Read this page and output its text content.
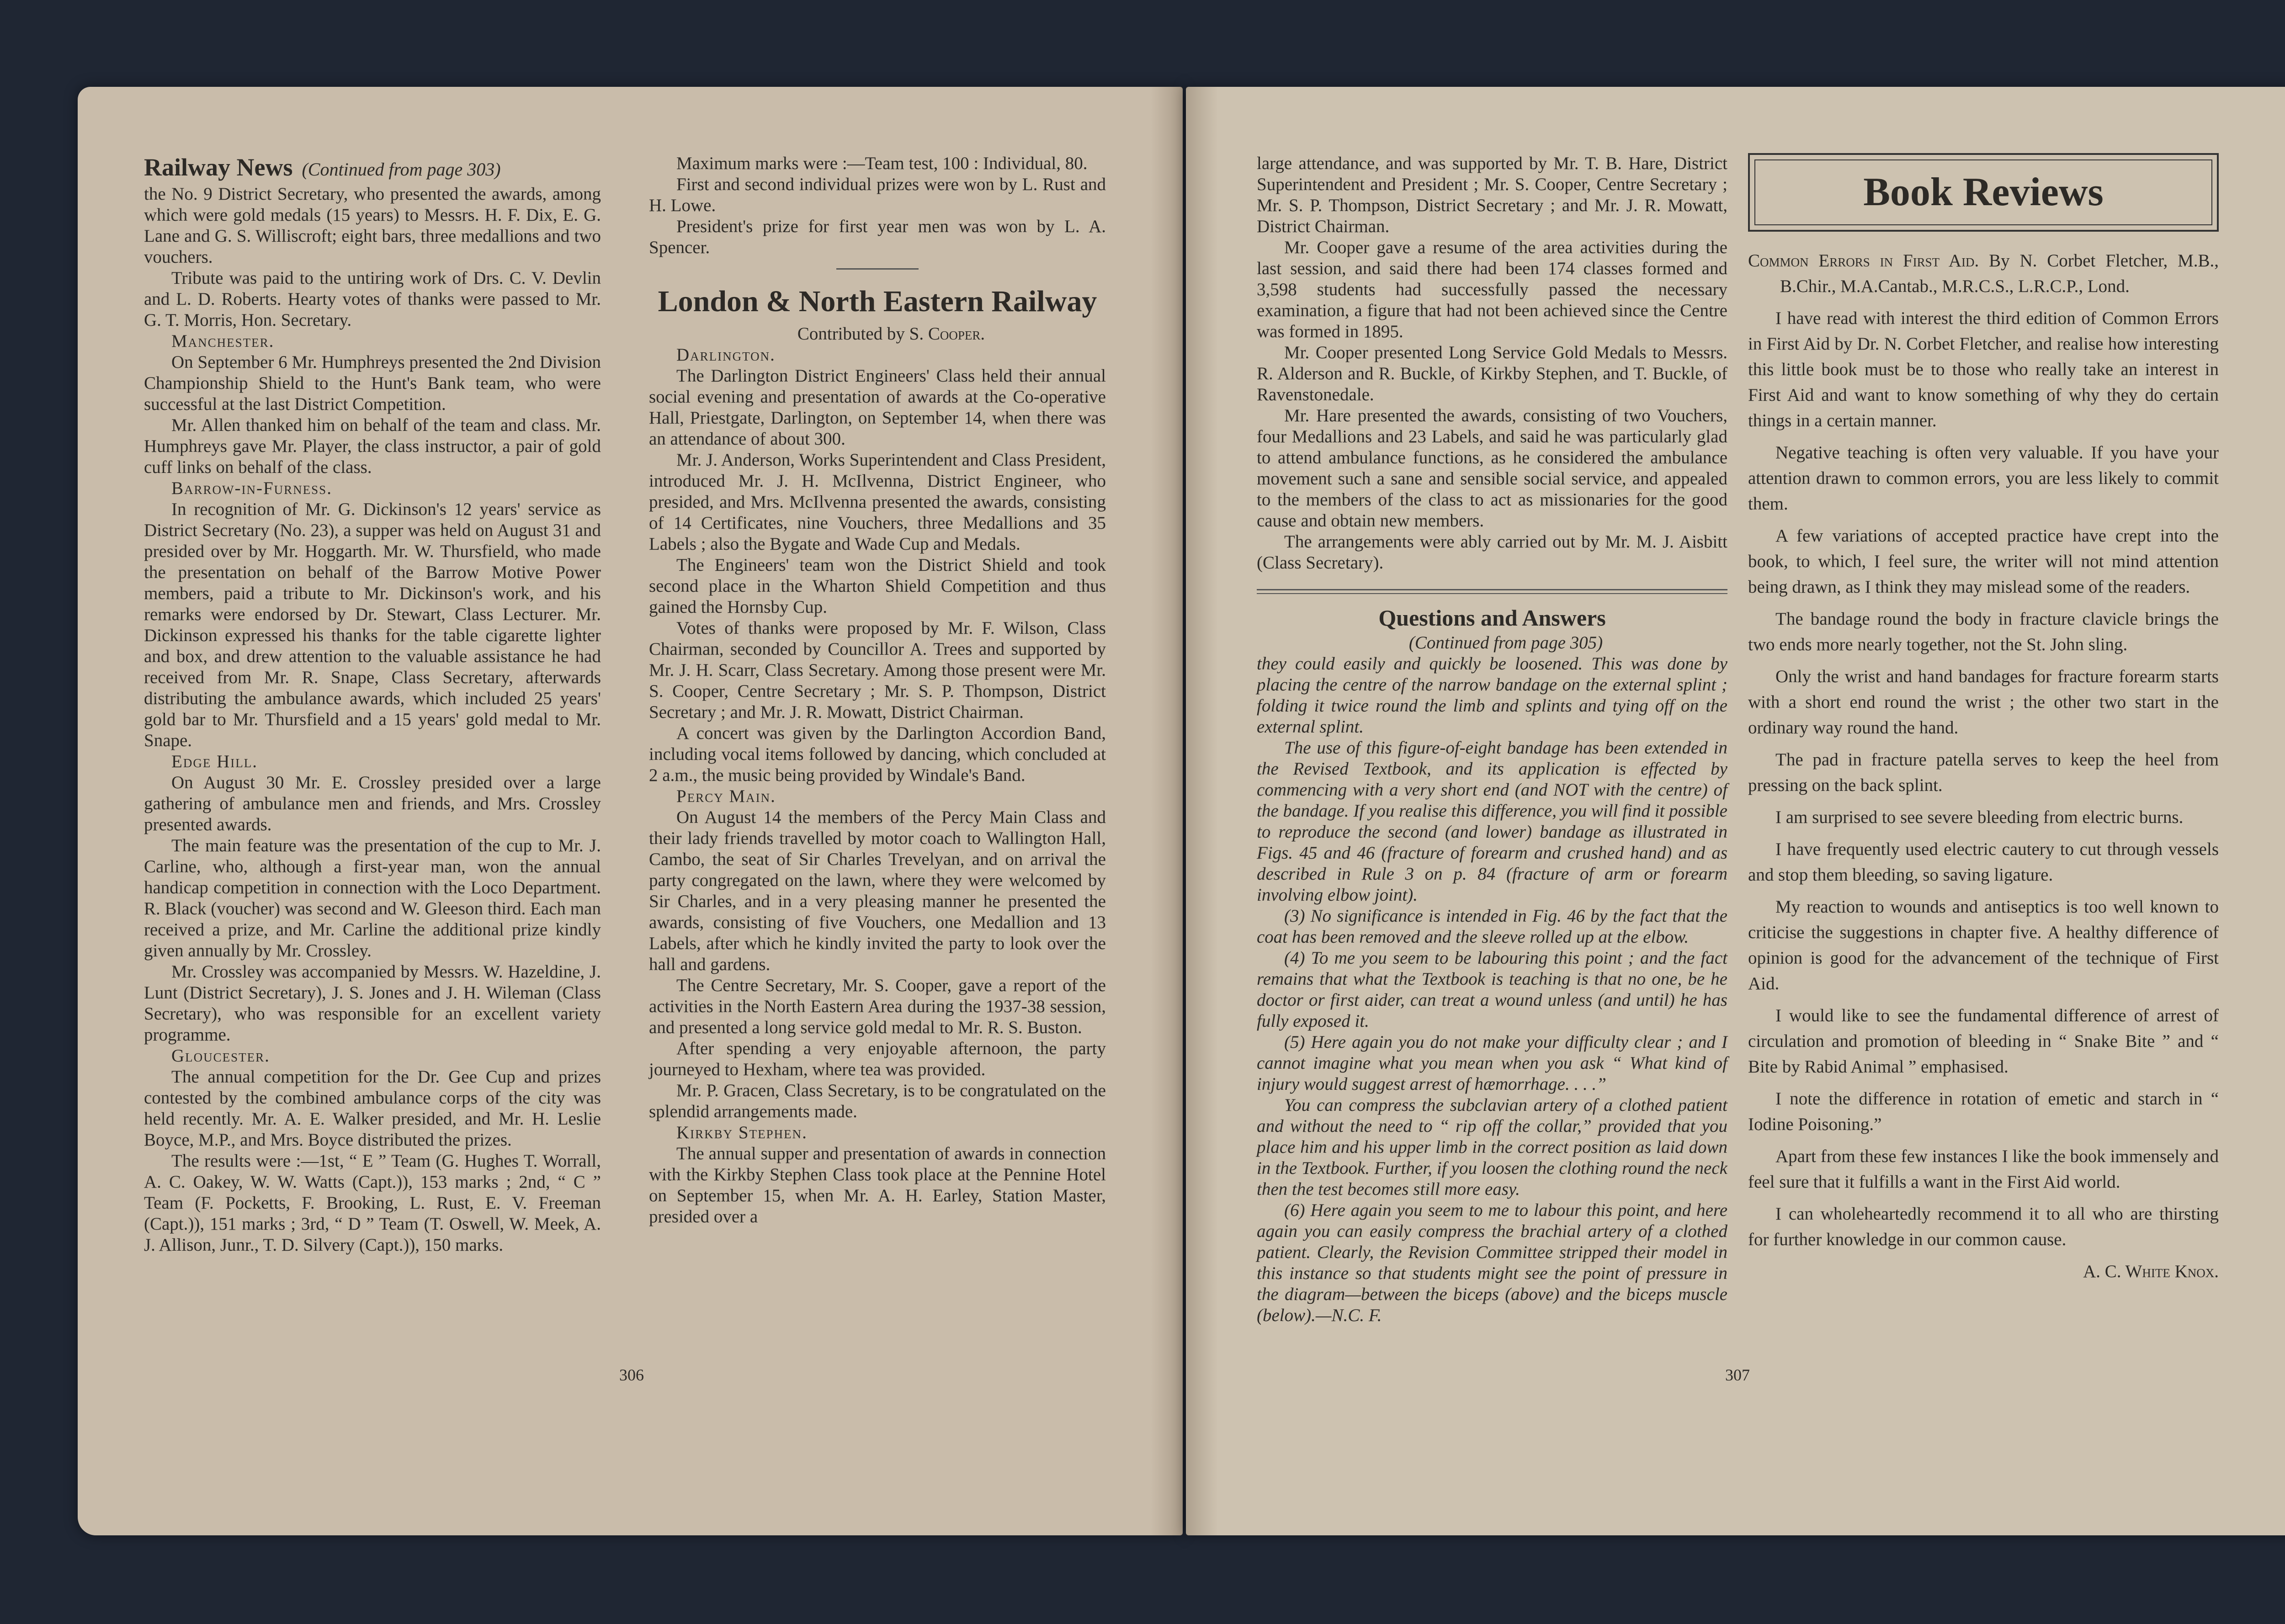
Railway News (Continued from page 303)

the No. 9 District Secretary, who presented the awards, among which were gold medals (15 years) to Messrs. H. F. Dix, E. G. Lane and G. S. Williscroft; eight bars, three medallions and two vouchers.

Tribute was paid to the untiring work of Drs. C. V. Devlin and L. D. Roberts. Hearty votes of thanks were passed to Mr. G. T. Morris, Hon. Secretary.

Manchester.

On September 6 Mr. Humphreys presented the 2nd Division Championship Shield to the Hunt's Bank team, who were successful at the last District Competition.

Mr. Allen thanked him on behalf of the team and class. Mr. Humphreys gave Mr. Player, the class instructor, a pair of gold cuff links on behalf of the class.

Barrow-in-Furness.

In recognition of Mr. G. Dickinson's 12 years' service as District Secretary (No. 23), a supper was held on August 31 and presided over by Mr. Hoggarth. Mr. W. Thursfield, who made the presentation on behalf of the Barrow Motive Power members, paid a tribute to Mr. Dickinson's work, and his remarks were endorsed by Dr. Stewart, Class Lecturer. Mr. Dickinson expressed his thanks for the table cigarette lighter and box, and drew attention to the valuable assistance he had received from Mr. R. Snape, Class Secretary, afterwards distributing the ambulance awards, which included 25 years' gold bar to Mr. Thursfield and a 15 years' gold medal to Mr. Snape.

Edge Hill.

On August 30 Mr. E. Crossley presided over a large gathering of ambulance men and friends, and Mrs. Crossley presented awards.

The main feature was the presentation of the cup to Mr. J. Carline, who, although a first-year man, won the annual handicap competition in connection with the Loco Department. R. Black (voucher) was second and W. Gleeson third. Each man received a prize, and Mr. Carline the additional prize kindly given annually by Mr. Crossley.

Mr. Crossley was accompanied by Messrs. W. Hazeldine, J. Lunt (District Secretary), J. S. Jones and J. H. Wileman (Class Secretary), who was responsible for an excellent variety programme.

Gloucester.

The annual competition for the Dr. Gee Cup and prizes contested by the combined ambulance corps of the city was held recently. Mr. A. E. Walker presided, and Mr. H. Leslie Boyce, M.P., and Mrs. Boyce distributed the prizes.

The results were :—1st, “ E ” Team (G. Hughes T. Worrall, A. C. Oakey, W. W. Watts (Capt.)), 153 marks ; 2nd, “ C ” Team (F. Pocketts, F. Brooking, L. Rust, E. V. Freeman (Capt.)), 151 marks ; 3rd, “ D ” Team (T. Oswell, W. Meek, A. J. Allison, Junr., T. D. Silvery (Capt.)), 150 marks.

Maximum marks were :—Team test, 100 : Individual, 80.

First and second individual prizes were won by L. Rust and H. Lowe.

President's prize for first year men was won by L. A. Spencer.

London & North Eastern Railway

Contributed by S. Cooper.

Darlington.

The Darlington District Engineers' Class held their annual social evening and presentation of awards at the Co-operative Hall, Priestgate, Darlington, on September 14, when there was an attendance of about 300.

Mr. J. Anderson, Works Superintendent and Class President, introduced Mr. J. H. McIlvenna, District Engineer, who presided, and Mrs. McIlvenna presented the awards, consisting of 14 Certificates, nine Vouchers, three Medallions and 35 Labels ; also the Bygate and Wade Cup and Medals.

The Engineers' team won the District Shield and took second place in the Wharton Shield Competition and thus gained the Hornsby Cup.

Votes of thanks were proposed by Mr. F. Wilson, Class Chairman, seconded by Councillor A. Trees and supported by Mr. J. H. Scarr, Class Secretary. Among those present were Mr. S. Cooper, Centre Secretary ; Mr. S. P. Thompson, District Secretary ; and Mr. J. R. Mowatt, District Chairman.

A concert was given by the Darlington Accordion Band, including vocal items followed by dancing, which concluded at 2 a.m., the music being provided by Windale's Band.

Percy Main.

On August 14 the members of the Percy Main Class and their lady friends travelled by motor coach to Wallington Hall, Cambo, the seat of Sir Charles Trevelyan, and on arrival the party congregated on the lawn, where they were welcomed by Sir Charles, and in a very pleasing manner he presented the awards, consisting of five Vouchers, one Medallion and 13 Labels, after which he kindly invited the party to look over the hall and gardens.

The Centre Secretary, Mr. S. Cooper, gave a report of the activities in the North Eastern Area during the 1937-38 session, and presented a long service gold medal to Mr. R. S. Buston.

After spending a very enjoyable afternoon, the party journeyed to Hexham, where tea was provided.

Mr. P. Gracen, Class Secretary, is to be congratulated on the splendid arrangements made.

Kirkby Stephen.

The annual supper and presentation of awards in connection with the Kirkby Stephen Class took place at the Pennine Hotel on September 15, when Mr. A. H. Earley, Station Master, presided over a

306

large attendance, and was supported by Mr. T. B. Hare, District Superintendent and President ; Mr. S. Cooper, Centre Secretary ; Mr. S. P. Thompson, District Secretary ; and Mr. J. R. Mowatt, District Chairman.

Mr. Cooper gave a resume of the area activities during the last session, and said there had been 174 classes formed and 3,598 students had successfully passed the necessary examination, a figure that had not been achieved since the Centre was formed in 1895.

Mr. Cooper presented Long Service Gold Medals to Messrs. R. Alderson and R. Buckle, of Kirkby Stephen, and T. Buckle, of Ravenstonedale.

Mr. Hare presented the awards, consisting of two Vouchers, four Medallions and 23 Labels, and said he was particularly glad to attend ambulance functions, as he considered the ambulance movement such a sane and sensible social service, and appealed to the members of the class to act as missionaries for the good cause and obtain new members.

The arrangements were ably carried out by Mr. M. J. Aisbitt (Class Secretary).

Questions and Answers

(Continued from page 305)

they could easily and quickly be loosened. This was done by placing the centre of the narrow bandage on the external splint ; folding it twice round the limb and splints and tying off on the external splint.

The use of this figure-of-eight bandage has been extended in the Revised Textbook, and its application is effected by commencing with a very short end (and NOT with the centre) of the bandage. If you realise this difference, you will find it possible to reproduce the second (and lower) bandage as illustrated in Figs. 45 and 46 (fracture of forearm and crushed hand) and as described in Rule 3 on p. 84 (fracture of arm or forearm involving elbow joint).

(3) No significance is intended in Fig. 46 by the fact that the coat has been removed and the sleeve rolled up at the elbow.

(4) To me you seem to be labouring this point ; and the fact remains that what the Textbook is teaching is that no one, be he doctor or first aider, can treat a wound unless (and until) he has fully exposed it.

(5) Here again you do not make your difficulty clear ; and I cannot imagine what you mean when you ask “ What kind of injury would suggest arrest of hæmorrhage. . . .”

You can compress the subclavian artery of a clothed patient and without the need to “ rip off the collar,” provided that you place him and his upper limb in the correct position as laid down in the Textbook. Further, if you loosen the clothing round the neck then the test becomes still more easy.

(6) Here again you seem to me to labour this point, and here again you can easily compress the brachial artery of a clothed patient. Clearly, the Revision Committee stripped their model in this instance so that students might see the point of pressure in the diagram—between the biceps (above) and the biceps muscle (below).—N.C. F.

Book Reviews

Common Errors in First Aid. By N. Corbet Fletcher, M.B., B.Chir., M.A.Cantab., M.R.C.S., L.R.C.P., Lond.

I have read with interest the third edition of Common Errors in First Aid by Dr. N. Corbet Fletcher, and realise how interesting this little book must be to those who really take an interest in First Aid and want to know something of why they do certain things in a certain manner.

Negative teaching is often very valuable. If you have your attention drawn to common errors, you are less likely to commit them.

A few variations of accepted practice have crept into the book, to which, I feel sure, the writer will not mind attention being drawn, as I think they may mislead some of the readers.

The bandage round the body in fracture clavicle brings the two ends more nearly together, not the St. John sling.

Only the wrist and hand bandages for fracture forearm starts with a short end round the wrist ; the other two start in the ordinary way round the hand.

The pad in fracture patella serves to keep the heel from pressing on the back splint.

I am surprised to see severe bleeding from electric burns.

I have frequently used electric cautery to cut through vessels and stop them bleeding, so saving ligature.

My reaction to wounds and antiseptics is too well known to criticise the suggestions in chapter five. A healthy difference of opinion is good for the advancement of the technique of First Aid.

I would like to see the fundamental difference of arrest of circulation and promotion of bleeding in “ Snake Bite ” and “ Bite by Rabid Animal ” emphasised.

I note the difference in rotation of emetic and starch in “ Iodine Poisoning.”

Apart from these few instances I like the book immensely and feel sure that it fulfills a want in the First Aid world.

I can wholeheartedly recommend it to all who are thirsting for further knowledge in our common cause.

A. C. White Knox.

307
